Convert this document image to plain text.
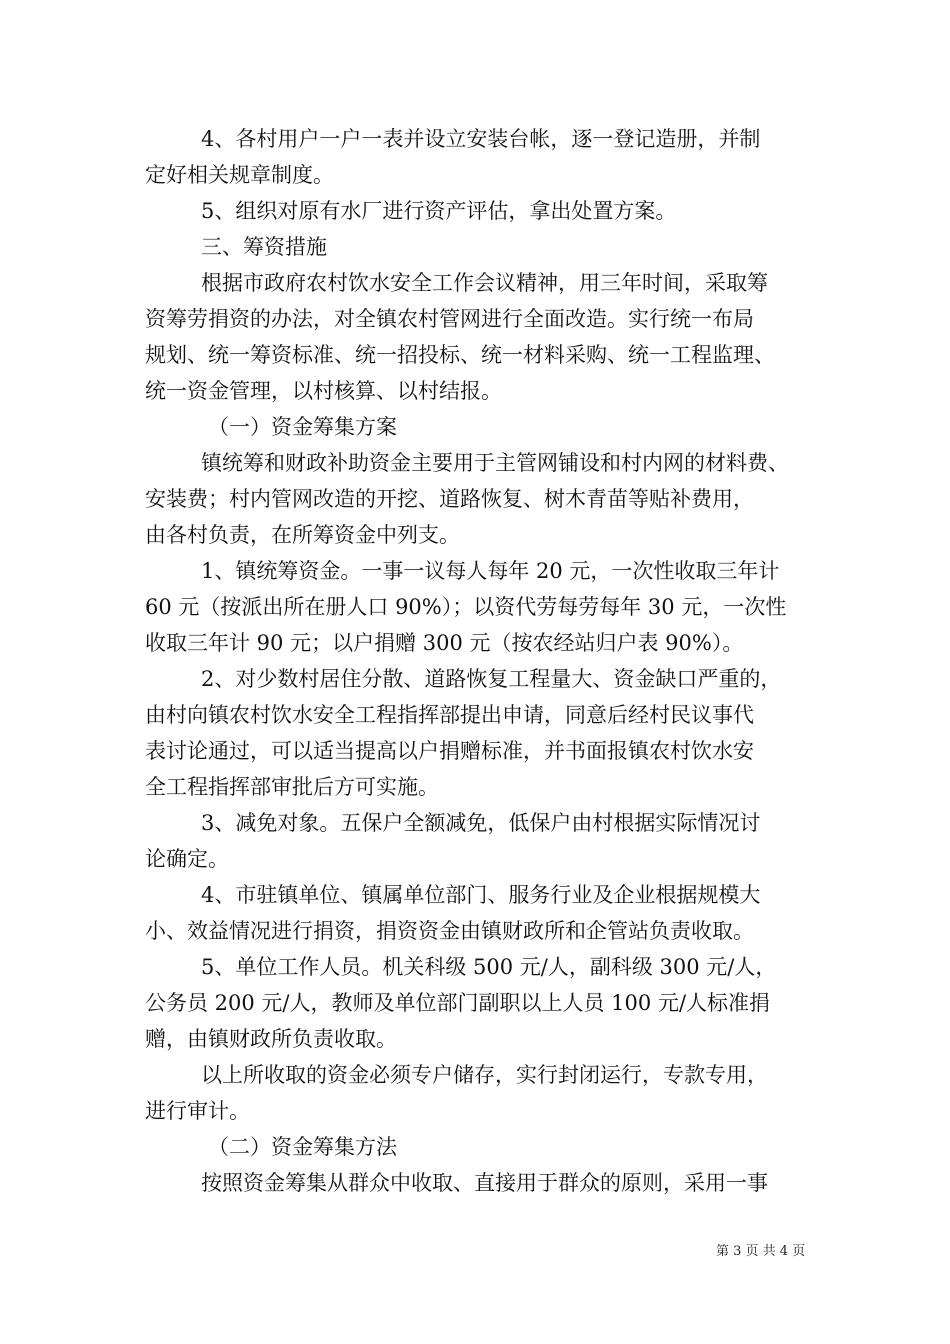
4、各村用户一户一表并设立安装台帐，逐一登记造册，并制
定好相关规章制度。
5、组织对原有水厂进行资产评估，拿出处置方案。
三、筹资措施
根据市政府农村饮水安全工作会议精神，用三年时间，采取筹
资筹劳捐资的办法，对全镇农村管网进行全面改造。实行统一布局
规划、统一筹资标准、统一招投标、统一材料采购、统一工程监理、
统一资金管理，以村核算、以村结报。
（一）资金筹集方案
镇统筹和财政补助资金主要用于主管网铺设和村内网的材料费、
安装费；村内管网改造的开挖、道路恢复、树木青苗等贴补费用，
由各村负责，在所筹资金中列支。
1、镇统筹资金。一事一议每人每年 20 元，一次性收取三年计
60 元（按派出所在册人口 90%）；以资代劳每劳每年 30 元，一次性
收取三年计 90 元；以户捐赠 300 元（按农经站归户表 90%）。
2、对少数村居住分散、道路恢复工程量大、资金缺口严重的，
由村向镇农村饮水安全工程指挥部提出申请，同意后经村民议事代
表讨论通过，可以适当提高以户捐赠标准，并书面报镇农村饮水安
全工程指挥部审批后方可实施。
3、减免对象。五保户全额减免，低保户由村根据实际情况讨
论确定。
4、市驻镇单位、镇属单位部门、服务行业及企业根据规模大
小、效益情况进行捐资，捐资资金由镇财政所和企管站负责收取。
5、单位工作人员。机关科级 500 元/人，副科级 300 元/人，
公务员 200 元/人，教师及单位部门副职以上人员 100 元/人标准捐
赠，由镇财政所负责收取。
以上所收取的资金必须专户储存，实行封闭运行，专款专用，
进行审计。
（二）资金筹集方法
按照资金筹集从群众中收取、直接用于群众的原则，采用一事
第 3 页 共 4 页
